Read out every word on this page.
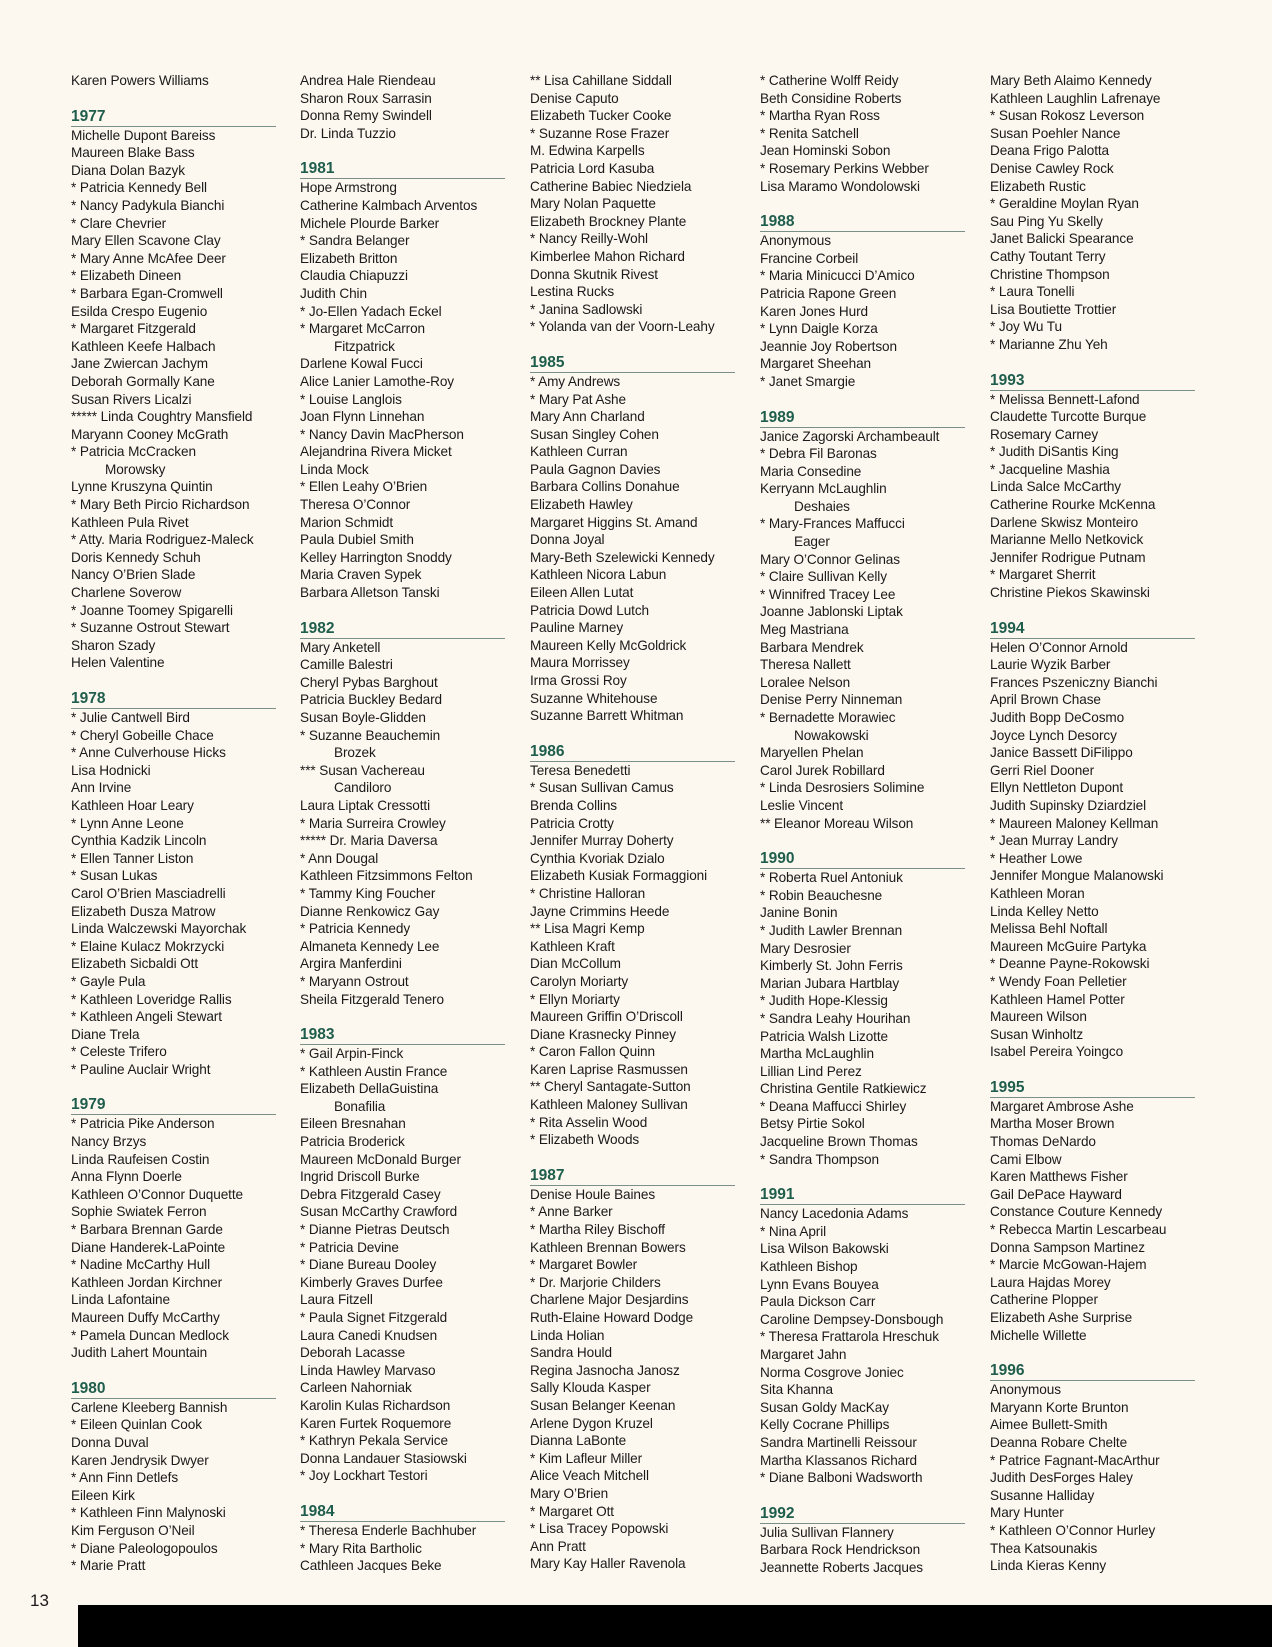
Karen Powers Williams
1977
Michelle Dupont Bareiss
Maureen Blake Bass
Diana Dolan Bazyk
* Patricia Kennedy Bell
* Nancy Padykula Bianchi
* Clare Chevrier
Mary Ellen Scavone Clay
* Mary Anne McAfee Deer
* Elizabeth Dineen
* Barbara Egan-Cromwell
Esilda Crespo Eugenio
* Margaret Fitzgerald
Kathleen Keefe Halbach
Jane Zwiercan Jachym
Deborah Gormally Kane
Susan Rivers Licalzi
***** Linda Coughtry Mansfield
Maryann Cooney McGrath
* Patricia McCracken
Morowsky
Lynne Kruszyna Quintin
* Mary Beth Pircio Richardson
Kathleen Pula Rivet
* Atty. Maria Rodriguez-Maleck
Doris Kennedy Schuh
Nancy O’Brien Slade
Charlene Soverow
* Joanne Toomey Spigarelli
* Suzanne Ostrout Stewart
Sharon Szady
Helen Valentine
1978
* Julie Cantwell Bird
* Cheryl Gobeille Chace
* Anne Culverhouse Hicks
Lisa Hodnicki
Ann Irvine
Kathleen Hoar Leary
* Lynn Anne Leone
Cynthia Kadzik Lincoln
* Ellen Tanner Liston
* Susan Lukas
Carol O’Brien Masciadrelli
Elizabeth Dusza Matrow
Linda Walczewski Mayorchak
* Elaine Kulacz Mokrzycki
Elizabeth Sicbaldi Ott
* Gayle Pula
* Kathleen Loveridge Rallis
* Kathleen Angeli Stewart
Diane Trela
* Celeste Trifero
* Pauline Auclair Wright
1979
* Patricia Pike Anderson
Nancy Brzys
Linda Raufeisen Costin
Anna Flynn Doerle
Kathleen O’Connor Duquette
Sophie Swiatek Ferron
* Barbara Brennan Garde
Diane Handerek-LaPointe
* Nadine McCarthy Hull
Kathleen Jordan Kirchner
Linda Lafontaine
Maureen Duffy McCarthy
* Pamela Duncan Medlock
Judith Lahert Mountain
1980
Carlene Kleeberg Bannish
* Eileen Quinlan Cook
Donna Duval
Karen Jendrysik Dwyer
* Ann Finn Detlefs
Eileen Kirk
* Kathleen Finn Malynoski
Kim Ferguson O’Neil
* Diane Paleologopoulos
* Marie Pratt
Andrea Hale Riendeau
Sharon Roux Sarrasin
Donna Remy Swindell
Dr. Linda Tuzzio
1981
Hope Armstrong
Catherine Kalmbach Arventos
Michele Plourde Barker
* Sandra Belanger
Elizabeth Britton
Claudia Chiapuzzi
Judith Chin
* Jo-Ellen Yadach Eckel
* Margaret McCarron
Fitzpatrick
Darlene Kowal Fucci
Alice Lanier Lamothe-Roy
* Louise Langlois
Joan Flynn Linnehan
* Nancy Davin MacPherson
Alejandrina Rivera Micket
Linda Mock
* Ellen Leahy O’Brien
Theresa O’Connor
Marion Schmidt
Paula Dubiel Smith
Kelley Harrington Snoddy
Maria Craven Sypek
Barbara Alletson Tanski
1982
Mary Anketell
Camille Balestri
Cheryl Pybas Barghout
Patricia Buckley Bedard
Susan Boyle-Glidden
* Suzanne Beauchemin
Brozek
*** Susan Vachereau
Candiloro
Laura Liptak Cressotti
* Maria Surreira Crowley
***** Dr. Maria Daversa
* Ann Dougal
Kathleen Fitzsimmons Felton
* Tammy King Foucher
Dianne Renkowicz Gay
* Patricia Kennedy
Almaneta Kennedy Lee
Argira Manferdini
* Maryann Ostrout
Sheila Fitzgerald Tenero
1983
* Gail Arpin-Finck
* Kathleen Austin France
Elizabeth DellaGuistina
Bonafilia
Eileen Bresnahan
Patricia Broderick
Maureen McDonald Burger
Ingrid Driscoll Burke
Debra Fitzgerald Casey
Susan McCarthy Crawford
* Dianne Pietras Deutsch
* Patricia Devine
* Diane Bureau Dooley
Kimberly Graves Durfee
Laura Fitzell
* Paula Signet Fitzgerald
Laura Canedi Knudsen
Deborah Lacasse
Linda Hawley Marvaso
Carleen Nahorniak
Karolin Kulas Richardson
Karen Furtek Roquemore
* Kathryn Pekala Service
Donna Landauer Stasiowski
* Joy Lockhart Testori
1984
* Theresa Enderle Bachhuber
* Mary Rita Bartholic
Cathleen Jacques Beke
** Lisa Cahillane Siddall
Denise Caputo
Elizabeth Tucker Cooke
* Suzanne Rose Frazer
M. Edwina Karpells
Patricia Lord Kasuba
Catherine Babiec Niedziela
Mary Nolan Paquette
Elizabeth Brockney Plante
* Nancy Reilly-Wohl
Kimberlee Mahon Richard
Donna Skutnik Rivest
Lestina Rucks
* Janina Sadlowski
* Yolanda van der Voorn-Leahy
1985
* Amy Andrews
* Mary Pat Ashe
Mary Ann Charland
Susan Singley Cohen
Kathleen Curran
Paula Gagnon Davies
Barbara Collins Donahue
Elizabeth Hawley
Margaret Higgins St. Amand
Donna Joyal
Mary-Beth Szelewicki Kennedy
Kathleen Nicora Labun
Eileen Allen Lutat
Patricia Dowd Lutch
Pauline Marney
Maureen Kelly McGoldrick
Maura Morrissey
Irma Grossi Roy
Suzanne Whitehouse
Suzanne Barrett Whitman
1986
Teresa Benedetti
* Susan Sullivan Camus
Brenda Collins
Patricia Crotty
Jennifer Murray Doherty
Cynthia Kvoriak Dzialo
Elizabeth Kusiak Formaggioni
* Christine Halloran
Jayne Crimmins Heede
** Lisa Magri Kemp
Kathleen Kraft
Dian McCollum
Carolyn Moriarty
* Ellyn Moriarty
Maureen Griffin O’Driscoll
Diane Krasnecky Pinney
* Caron Fallon Quinn
Karen Laprise Rasmussen
** Cheryl Santagate-Sutton
Kathleen Maloney Sullivan
* Rita Asselin Wood
* Elizabeth Woods
1987
Denise Houle Baines
* Anne Barker
* Martha Riley Bischoff
Kathleen Brennan Bowers
* Margaret Bowler
* Dr. Marjorie Childers
Charlene Major Desjardins
Ruth-Elaine Howard Dodge
Linda Holian
Sandra Hould
Regina Jasnocha Janosz
Sally Klouda Kasper
Susan Belanger Keenan
Arlene Dygon Kruzel
Dianna LaBonte
* Kim Lafleur Miller
Alice Veach Mitchell
Mary O’Brien
* Margaret Ott
* Lisa Tracey Popowski
Ann Pratt
Mary Kay Haller Ravenola
* Catherine Wolff Reidy
Beth Considine Roberts
* Martha Ryan Ross
* Renita Satchell
Jean Hominski Sobon
* Rosemary Perkins Webber
Lisa Maramo Wondolowski
1988
Anonymous
Francine Corbeil
* Maria Minicucci D’Amico
Patricia Rapone Green
Karen Jones Hurd
* Lynn Daigle Korza
Jeannie Joy Robertson
Margaret Sheehan
* Janet Smargie
1989
Janice Zagorski Archambeault
* Debra Fil Baronas
Maria Consedine
Kerryann McLaughlin
Deshaies
* Mary-Frances Maffucci
Eager
Mary O’Connor Gelinas
* Claire Sullivan Kelly
* Winnifred Tracey Lee
Joanne Jablonski Liptak
Meg Mastriana
Barbara Mendrek
Theresa Nallett
Loralee Nelson
Denise Perry Ninneman
* Bernadette Morawiec
Nowakowski
Maryellen Phelan
Carol Jurek Robillard
* Linda Desrosiers Solimine
Leslie Vincent
** Eleanor Moreau Wilson
1990
* Roberta Ruel Antoniuk
* Robin Beauchesne
Janine Bonin
* Judith Lawler Brennan
Mary Desrosier
Kimberly St. John Ferris
Marian Jubara Hartblay
* Judith Hope-Klessig
* Sandra Leahy Hourihan
Patricia Walsh Lizotte
Martha McLaughlin
Lillian Lind Perez
Christina Gentile Ratkiewicz
* Deana Maffucci Shirley
Betsy Pirtie Sokol
Jacqueline Brown Thomas
* Sandra Thompson
1991
Nancy Lacedonia Adams
* Nina April
Lisa Wilson Bakowski
Kathleen Bishop
Lynn Evans Bouyea
Paula Dickson Carr
Caroline Dempsey-Donsbough
* Theresa Frattarola Hreschuk
Margaret Jahn
Norma Cosgrove Joniec
Sita Khanna
Susan Goldy MacKay
Kelly Cocrane Phillips
Sandra Martinelli Reissour
Martha Klassanos Richard
* Diane Balboni Wadsworth
1992
Julia Sullivan Flannery
Barbara Rock Hendrickson
Jeannette Roberts Jacques
Mary Beth Alaimo Kennedy
Kathleen Laughlin Lafrenaye
* Susan Rokosz Leverson
Susan Poehler Nance
Deana Frigo Palotta
Denise Cawley Rock
Elizabeth Rustic
* Geraldine Moylan Ryan
Sau Ping Yu Skelly
Janet Balicki Spearance
Cathy Toutant Terry
Christine Thompson
* Laura Tonelli
Lisa Boutiette Trottier
* Joy Wu Tu
* Marianne Zhu Yeh
1993
* Melissa Bennett-Lafond
Claudette Turcotte Burque
Rosemary Carney
* Judith DiSantis King
* Jacqueline Mashia
Linda Salce McCarthy
Catherine Rourke McKenna
Darlene Skwisz Monteiro
Marianne Mello Netkovick
Jennifer Rodrigue Putnam
* Margaret Sherrit
Christine Piekos Skawinski
1994
Helen O’Connor Arnold
Laurie Wyzik Barber
Frances Pszeniczny Bianchi
April Brown Chase
Judith Bopp DeCosmo
Joyce Lynch Desorcy
Janice Bassett DiFilippo
Gerri Riel Dooner
Ellyn Nettleton Dupont
Judith Supinsky Dziardziel
* Maureen Maloney Kellman
* Jean Murray Landry
* Heather Lowe
Jennifer Mongue Malanowski
Kathleen Moran
Linda Kelley Netto
Melissa Behl Noftall
Maureen McGuire Partyka
* Deanne Payne-Rokowski
* Wendy Foan Pelletier
Kathleen Hamel Potter
Maureen Wilson
Susan Winholtz
Isabel Pereira Yoingco
1995
Margaret Ambrose Ashe
Martha Moser Brown
Thomas DeNardo
Cami Elbow
Karen Matthews Fisher
Gail DePace Hayward
Constance Couture Kennedy
* Rebecca Martin Lescarbeau
Donna Sampson Martinez
* Marcie McGowan-Hajem
Laura Hajdas Morey
Catherine Plopper
Elizabeth Ashe Surprise
Michelle Willette
1996
Anonymous
Maryann Korte Brunton
Aimee Bullett-Smith
Deanna Robare Chelte
* Patrice Fagnant-MacArthur
Judith DesForges Haley
Susanne Halliday
Mary Hunter
* Kathleen O’Connor Hurley
Thea Katsounakis
Linda Kieras Kenny
13
